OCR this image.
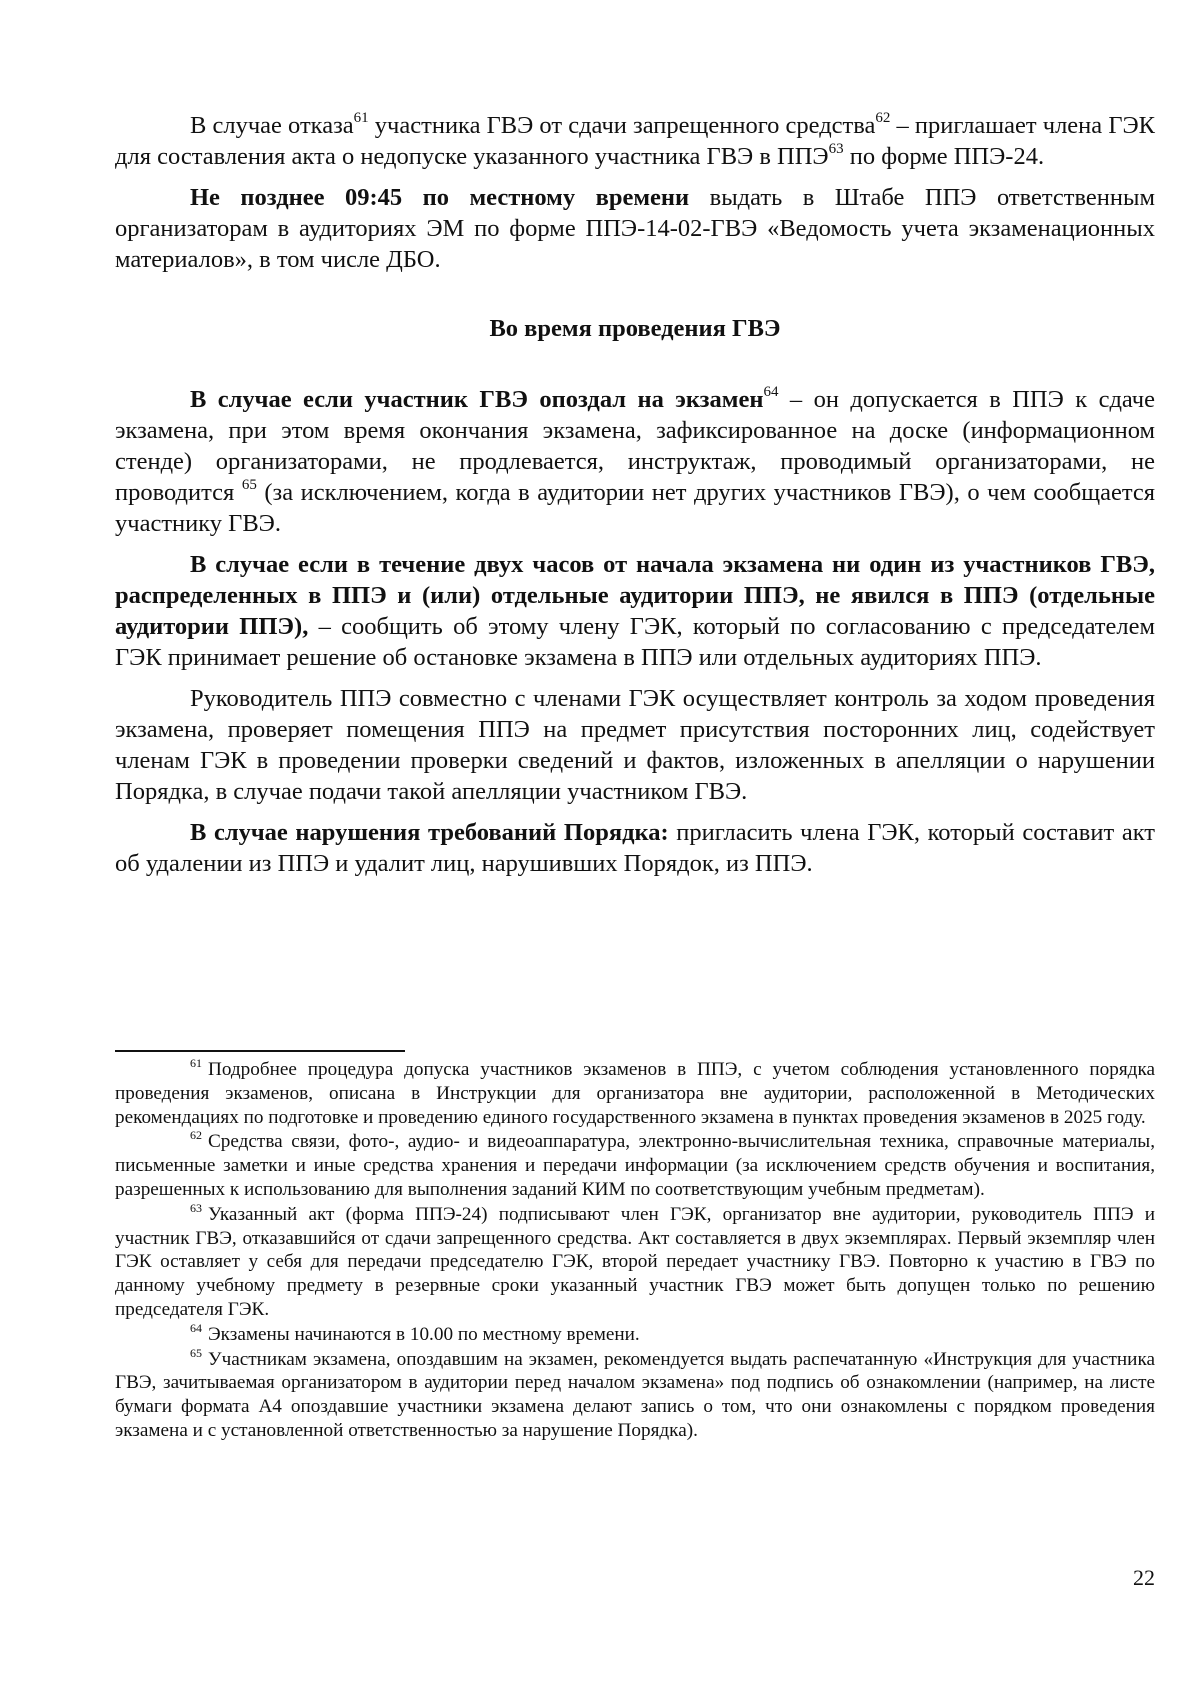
В случае отказа$^{61}$ участника ГВЭ от сдачи запрещенного средства$^{62}$ – приглашает члена ГЭК для составления акта о недопуске указанного участника ГВЭ в ППЭ$^{63}$ по форме ППЭ-24.

Не позднее 09:45 по местному времени выдать в Штабе ППЭ ответственным организаторам в аудиториях ЭМ по форме ППЭ-14-02-ГВЭ «Ведомость учета экзаменационных материалов», в том числе ДБО.

Во время проведения ГВЭ

В случае если участник ГВЭ опоздал на экзамен$^{64}$ – он допускается в ППЭ к сдаче экзамена, при этом время окончания экзамена, зафиксированное на доске (информационном стенде) организаторами, не продлевается, инструктаж, проводимый организаторами, не проводится $^{65}$ (за исключением, когда в аудитории нет других участников ГВЭ), о чем сообщается участнику ГВЭ.

В случае если в течение двух часов от начала экзамена ни один из участников ГВЭ, распределенных в ППЭ и (или) отдельные аудитории ППЭ, не явился в ППЭ (отдельные аудитории ППЭ), – сообщить об этому члену ГЭК, который по согласованию с председателем ГЭК принимает решение об остановке экзамена в ППЭ или отдельных аудиториях ППЭ.

Руководитель ППЭ совместно с членами ГЭК осуществляет контроль за ходом проведения экзамена, проверяет помещения ППЭ на предмет присутствия посторонних лиц, содействует членам ГЭК в проведении проверки сведений и фактов, изложенных в апелляции о нарушении Порядка, в случае подачи такой апелляции участником ГВЭ.

В случае нарушения требований Порядка: пригласить члена ГЭК, который составит акт об удалении из ППЭ и удалит лиц, нарушивших Порядок, из ППЭ.

$^{61}$ Подробнее процедура допуска участников экзаменов в ППЭ, с учетом соблюдения установленного порядка проведения экзаменов, описана в Инструкции для организатора вне аудитории, расположенной в Методических рекомендациях по подготовке и проведению единого государственного экзамена в пунктах проведения экзаменов в 2025 году.

$^{62}$ Средства связи, фото-, аудио- и видеоаппаратура, электронно-вычислительная техника, справочные материалы, письменные заметки и иные средства хранения и передачи информации (за исключением средств обучения и воспитания, разрешенных к использованию для выполнения заданий КИМ по соответствующим учебным предметам).

$^{63}$ Указанный акт (форма ППЭ-24) подписывают член ГЭК, организатор вне аудитории, руководитель ППЭ и участник ГВЭ, отказавшийся от сдачи запрещенного средства. Акт составляется в двух экземплярах. Первый экземпляр член ГЭК оставляет у себя для передачи председателю ГЭК, второй передает участнику ГВЭ. Повторно к участию в ГВЭ по данному учебному предмету в резервные сроки указанный участник ГВЭ может быть допущен только по решению председателя ГЭК.

$^{64}$ Экзамены начинаются в 10.00 по местному времени.

$^{65}$ Участникам экзамена, опоздавшим на экзамен, рекомендуется выдать распечатанную «Инструкция для участника ГВЭ, зачитываемая организатором в аудитории перед началом экзамена» под подпись об ознакомлении (например, на листе бумаги формата А4 опоздавшие участники экзамена делают запись о том, что они ознакомлены с порядком проведения экзамена и с установленной ответственностью за нарушение Порядка).

22
